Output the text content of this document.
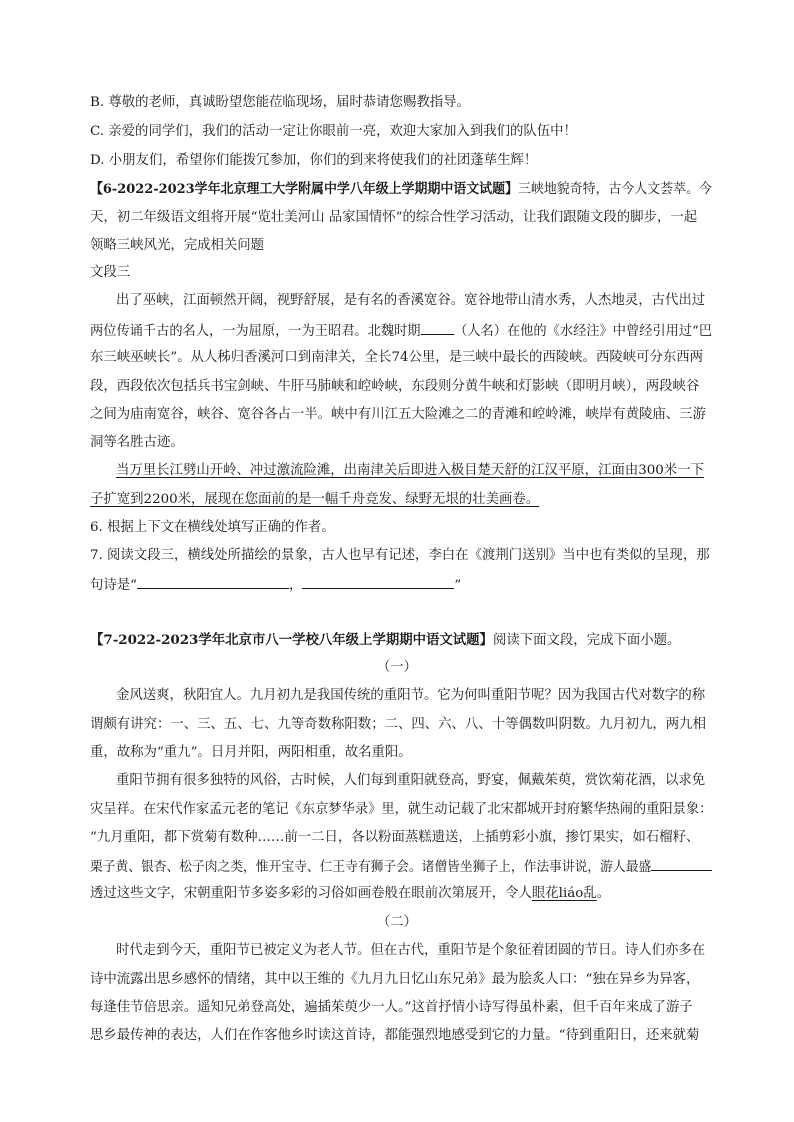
B. 尊敬的老师，真诚盼望您能莅临现场，届时恭请您赐教指导。
C. 亲爱的同学们，我们的活动一定让你眼前一亮，欢迎大家加入到我们的队伍中！
D. 小朋友们，希望你们能拨冗参加，你们的到来将使我们的社团蓬荜生辉！
【6-2022-2023学年北京理工大学附属中学八年级上学期期中语文试题】三峡地貌奇特，古今人文荟萃。今
天，初二年级语文组将开展“览壮美河山 品家国情怀”的综合性学习活动，让我们跟随文段的脚步，一起
领略三峡风光，完成相关问题
文段三
出了巫峡，江面顿然开阔，视野舒展，是有名的香溪宽谷。宽谷地带山清水秀，人杰地灵，古代出过
两位传诵千古的名人，一为屈原，一为王昭君。北魏时期	（人名）在他的《水经注》中曾经引用过“巴
东三峡巫峡长”。从人秭归香溪河口到南津关，全长74公里，是三峡中最长的西陵峡。西陵峡可分东西两
段，西段依次包括兵书宝剑峡、牛肝马肺峡和崆岭峡，东段则分黄牛峡和灯影峡（即明月峡），两段峡谷
之间为庙南宽谷，峡谷、宽谷各占一半。峡中有川江五大险滩之二的青滩和崆岭滩，峡岸有黄陵庙、三游
洞等名胜古迹。
当万里长江劈山开岭、冲过激流险滩，出南津关后即进入极目楚天舒的江汉平原，江面由300米一下
子扩宽到2200米，展现在您面前的是一幅千舟竞发、绿野无垠的壮美画卷。
6. 根据上下文在横线处填写正确的作者。
7. 阅读文段三，横线处所描绘的景象，古人也早有记述，李白在《渡荆门送别》当中也有类似的呈现，那
句诗是“	，	”
【7-2022-2023学年北京市八一学校八年级上学期期中语文试题】阅读下面文段，完成下面小题。
（一）
金风送爽，秋阳宜人。九月初九是我国传统的重阳节。它为何叫重阳节呢？因为我国古代对数字的称
谓颇有讲究：一、三、五、七、九等奇数称阳数；二、四、六、八、十等偶数叫阴数。九月初九，两九相
重，故称为“重九”。日月并阳，两阳相重，故名重阳。
重阳节拥有很多独特的风俗，古时候，人们每到重阳就登高，野宴，佩戴茱萸，赏饮菊花酒，以求免
灾呈祥。在宋代作家孟元老的笔记《东京梦华录》里，就生动记载了北宋都城开封府繁华热闹的重阳景象：
“九月重阳，都下赏菊有数种……前一二日，各以粉面蒸糕遗送，上插剪彩小旗，掺饤果实，如石榴籽、
栗子黄、银杏、松子肉之类，惟开宝寺、仁王寺有狮子会。诸僧皆坐狮子上，作法事讲说，游人最盛
透过这些文字，宋朝重阳节多姿多彩的习俗如画卷般在眼前次第展开，令人眼花liáo乱。
（二）
时代走到今天，重阳节已被定义为老人节。但在古代，重阳节是个象征着团圆的节日。诗人们亦多在
诗中流露出思乡感怀的情绪，其中以王维的《九月九日忆山东兄弟》最为脍炙人口：“独在异乡为异客，
每逢佳节倍思亲。遥知兄弟登高处，遍插茱萸少一人。”这首抒情小诗写得虽朴素，但千百年来成了游子
思乡最传神的表达，人们在作客他乡时读这首诗，都能强烈地感受到它的力量。“待到重阳日，还来就菊
